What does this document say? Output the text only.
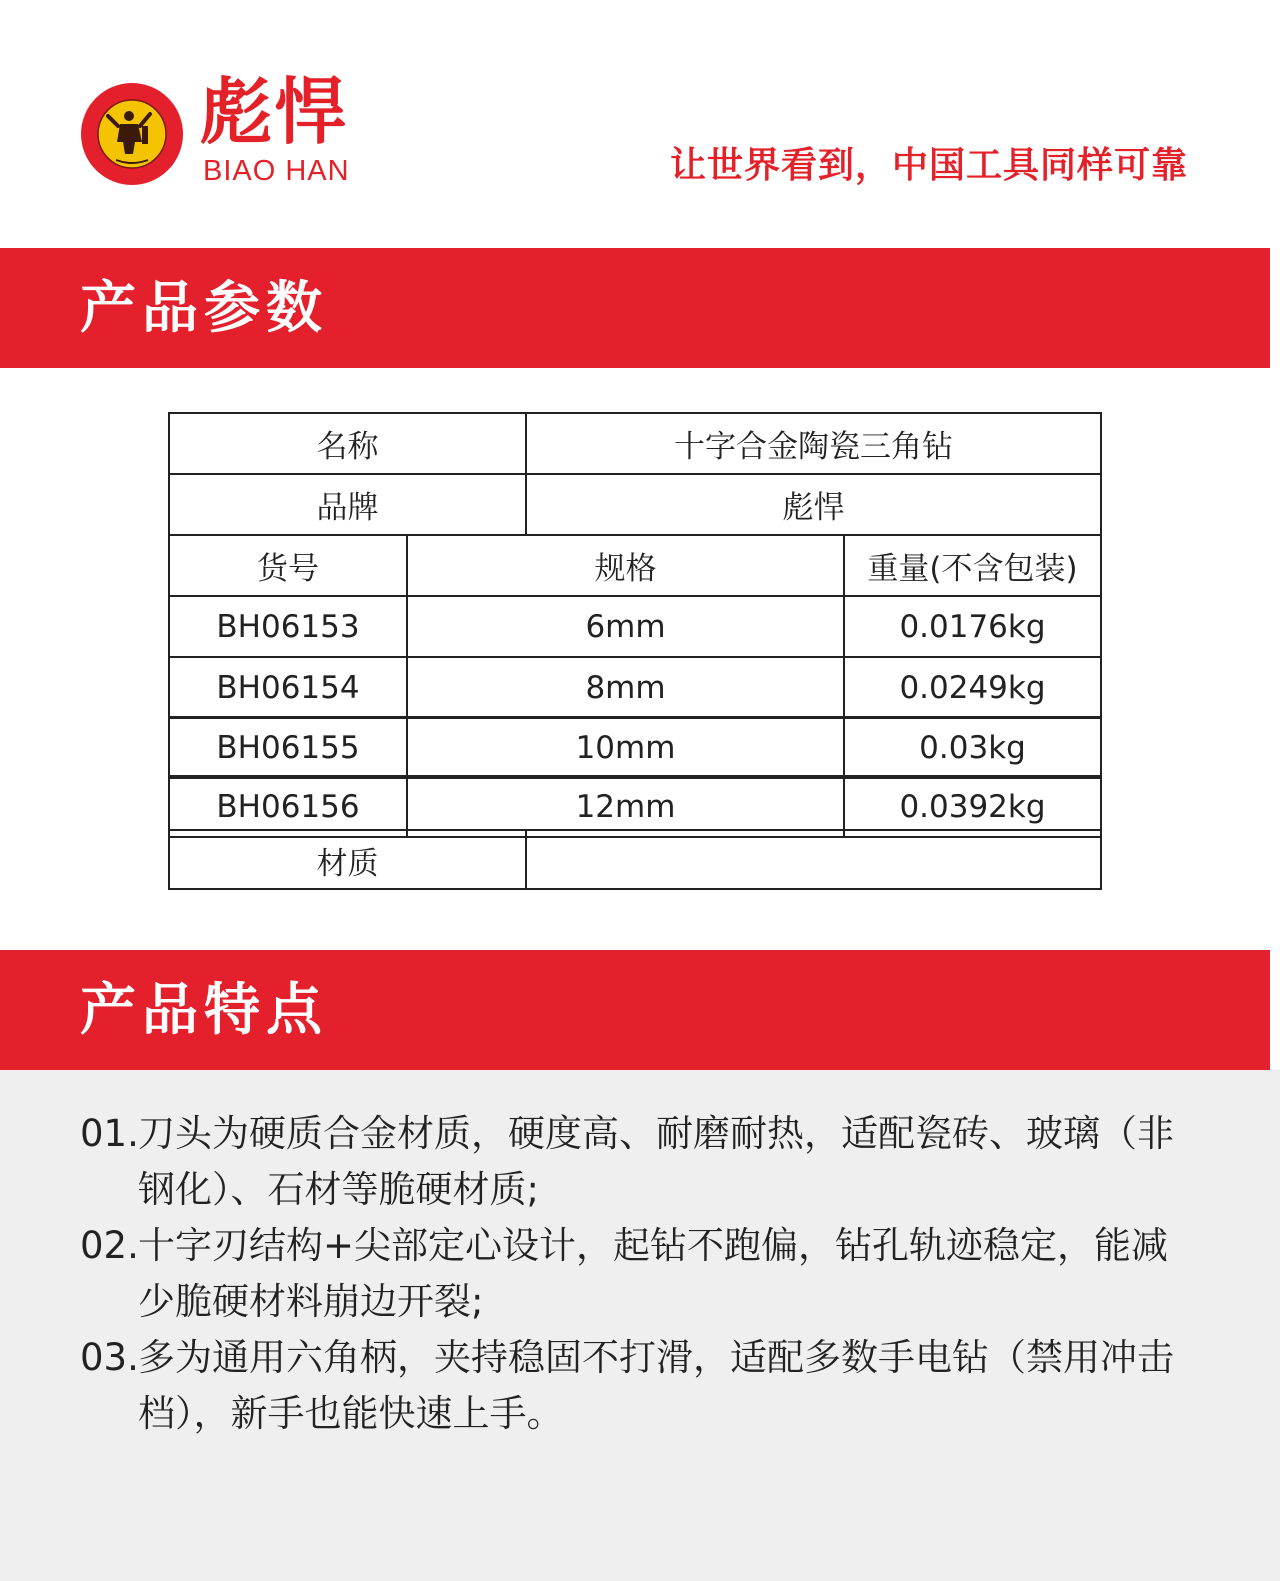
彪悍
BIAO HAN	让世界看到，中国工具同样可靠
产品参数
名称	十字合金陶瓷三角钻
品牌	彪悍
货号	规格	重量(不含包装)
BH06153	6mm	0.0176kg
BH06154	8mm	0.0249kg
BH06155	10mm	0.03kg
BH06156	12mm	0.0392kg
材质
产品特点
01. 刀头为硬质合金材质，硬度高、耐磨耐热，适配瓷砖、玻璃（非钢化）、石材等脆硬材质;
02. 十字刃结构+尖部定心设计，起钻不跑偏，钻孔轨迹稳定，能减少脆硬材料崩边开裂;
03. 多为通用六角柄，夹持稳固不打滑，适配多数手电钻（禁用冲击档），新手也能快速上手。
